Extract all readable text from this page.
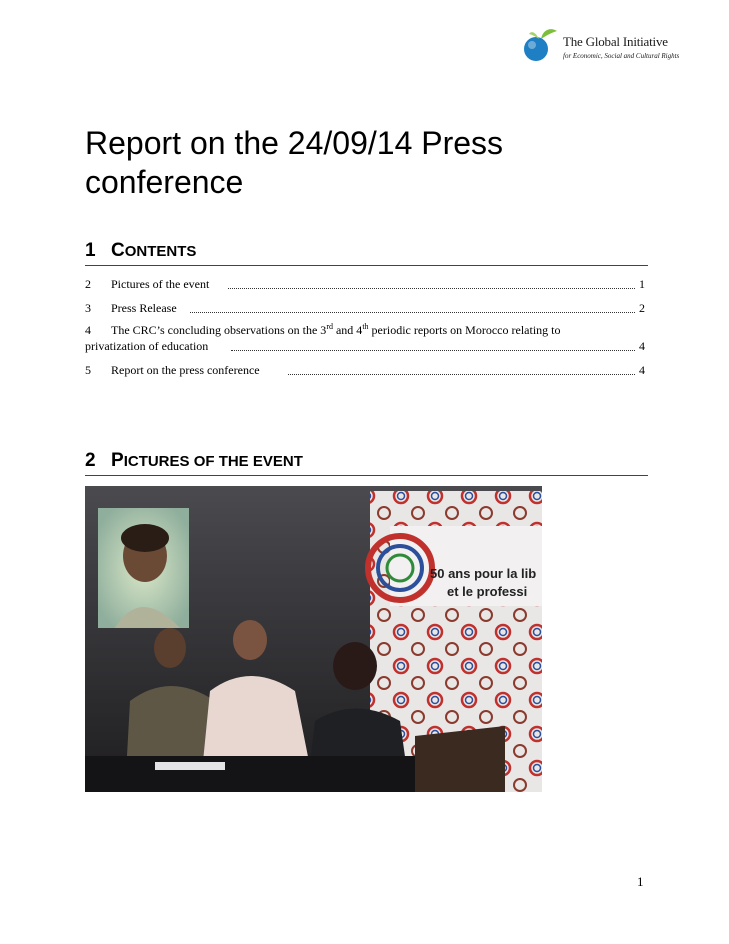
The Global Initiative
for Economic, Social and Cultural Rights
Report on the 24/09/14 Press conference
1 CONTENTS
2 Pictures of the event	1
3 Press Release	2
4 The CRC’s concluding observations on the 3rd and 4th periodic reports on Morocco relating to
privatization of education	4
5 Report on the press conference	4
2 PICTURES OF THE EVENT
50 ans pour la lib
et le professi
1
